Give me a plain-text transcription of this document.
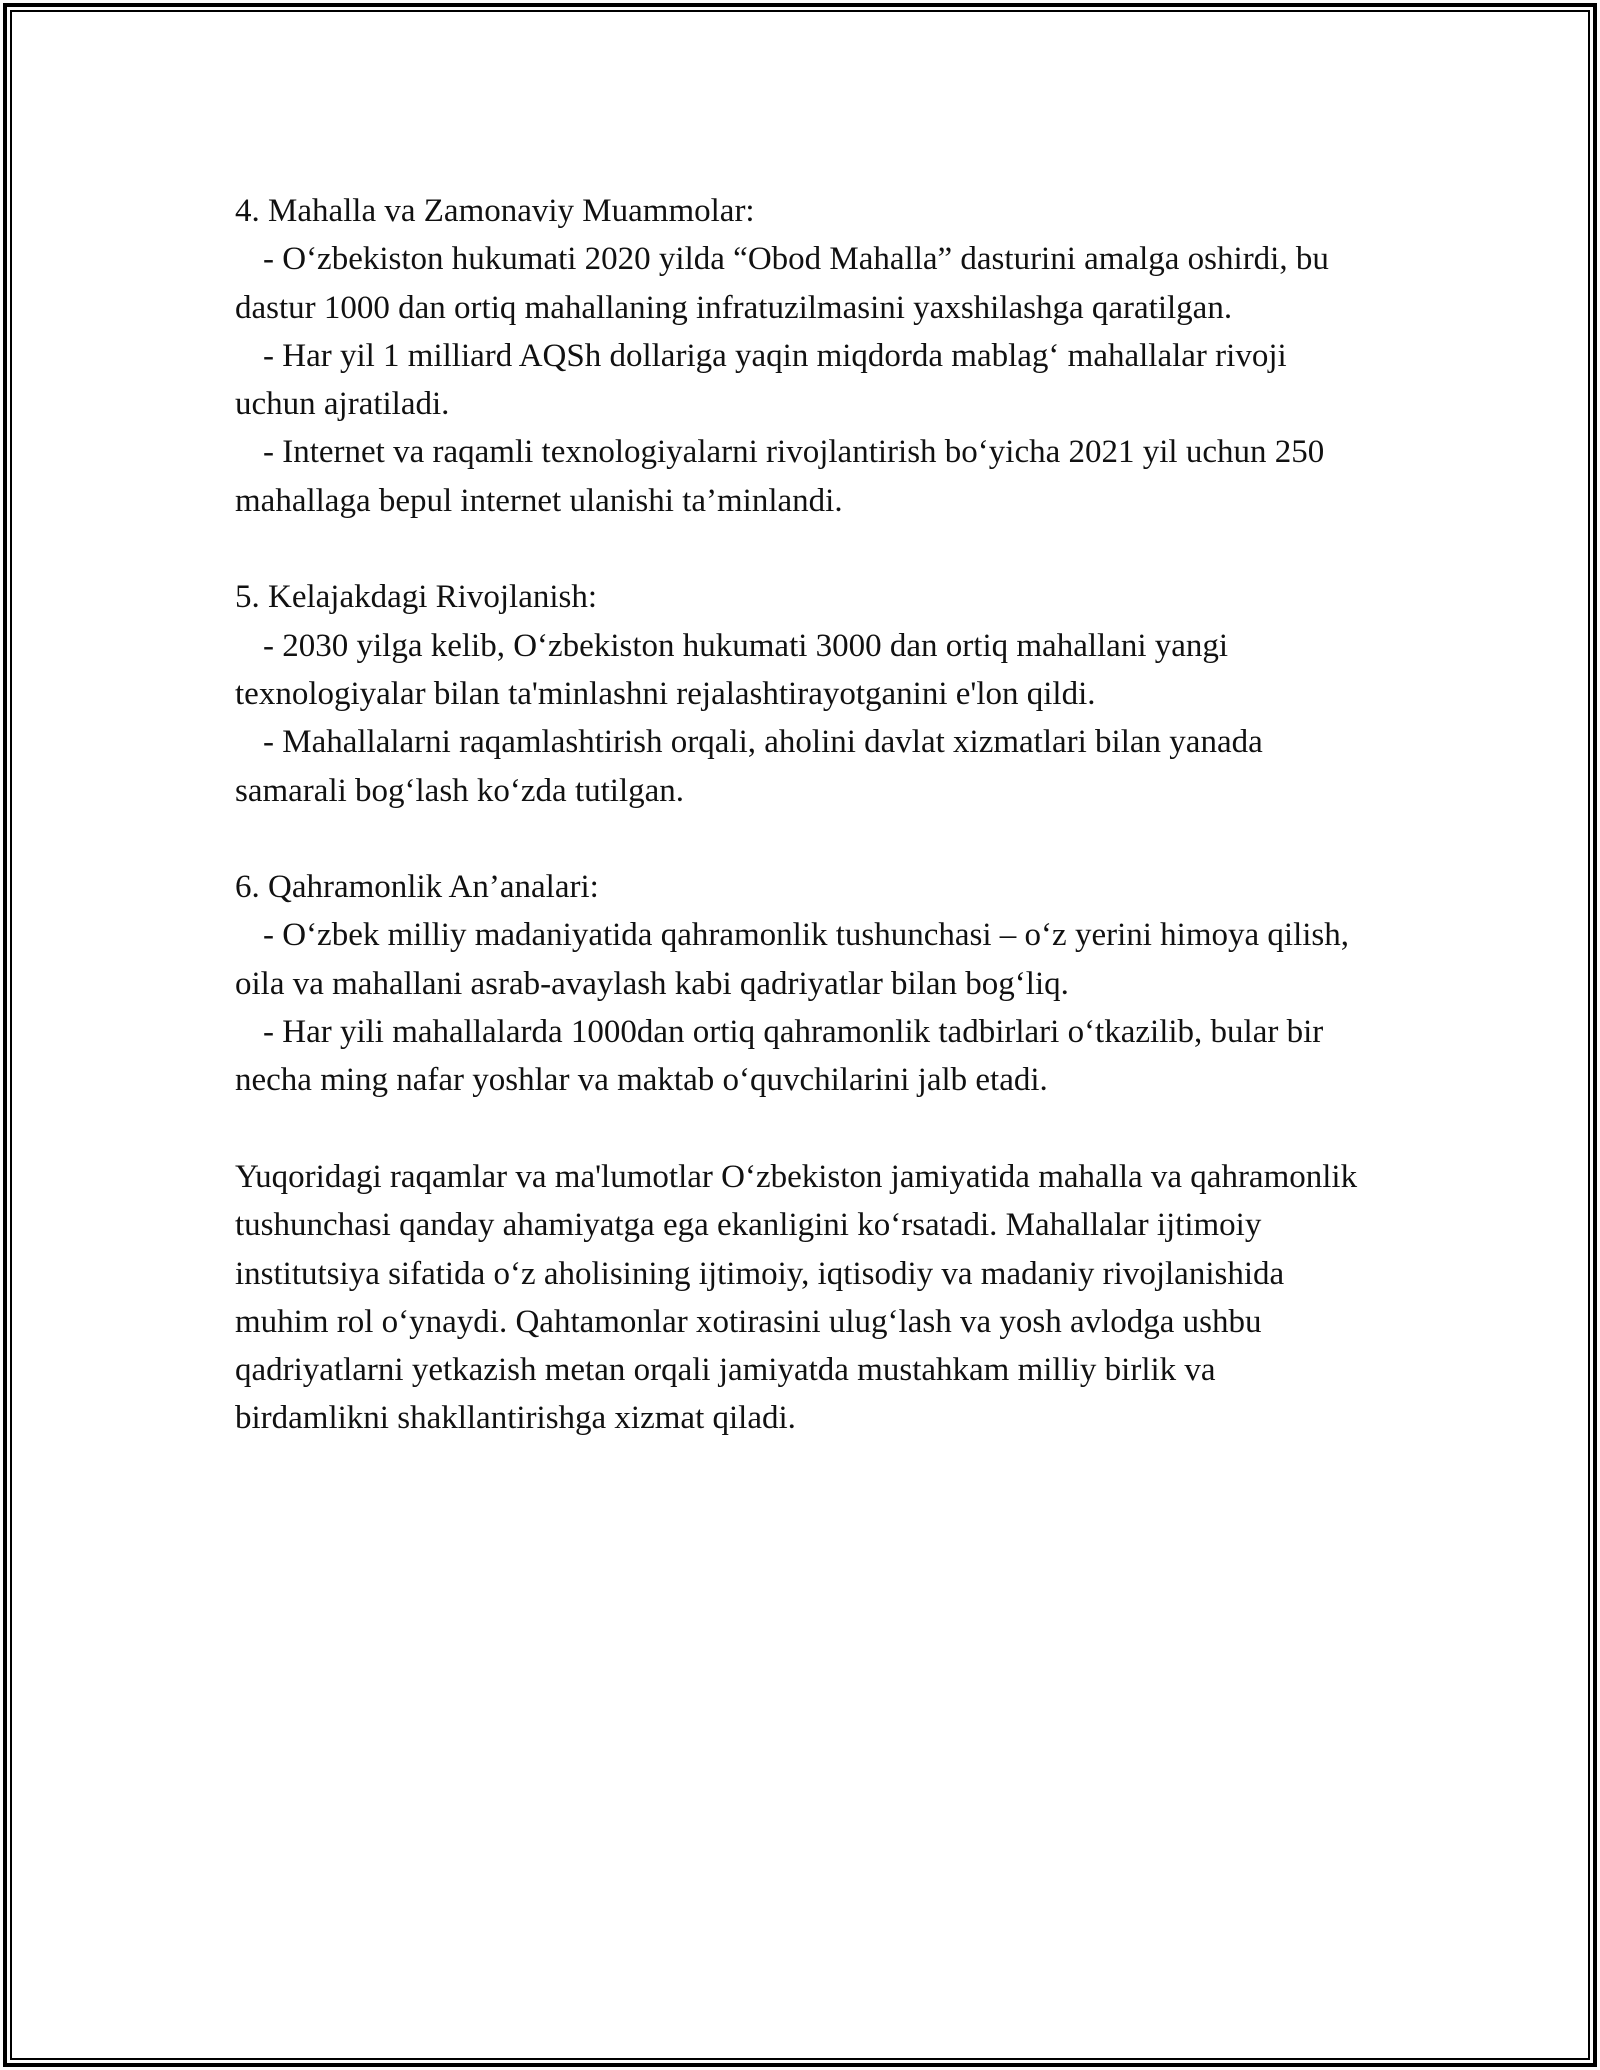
4. Mahalla va Zamonaviy Muammolar:

- O‘zbekiston hukumati 2020 yilda “Obod Mahalla” dasturini amalga oshirdi, bu dastur 1000 dan ortiq mahallaning infratuzilmasini yaxshilashga qaratilgan.

- Har yil 1 milliard AQSh dollariga yaqin miqdorda mablag‘ mahallalar rivoji uchun ajratiladi.

- Internet va raqamli texnologiyalarni rivojlantirish bo‘yicha 2021 yil uchun 250 mahallaga bepul internet ulanishi ta’minlandi.

5. Kelajakdagi Rivojlanish:

- 2030 yilga kelib, O‘zbekiston hukumati 3000 dan ortiq mahallani yangi texnologiyalar bilan ta'minlashni rejalashtirayotganini e'lon qildi.

- Mahallalarni raqamlashtirish orqali, aholini davlat xizmatlari bilan yanada samarali bog‘lash ko‘zda tutilgan.

6. Qahramonlik An’analari:

- O‘zbek milliy madaniyatida qahramonlik tushunchasi – o‘z yerini himoya qilish, oila va mahallani asrab-avaylash kabi qadriyatlar bilan bog‘liq.

- Har yili mahallalarda 1000dan ortiq qahramonlik tadbirlari o‘tkazilib, bular bir necha ming nafar yoshlar va maktab o‘quvchilarini jalb etadi.

Yuqoridagi raqamlar va ma'lumotlar O‘zbekiston jamiyatida mahalla va qahramonlik tushunchasi qanday ahamiyatga ega ekanligini ko‘rsatadi. Mahallalar ijtimoiy institutsiya sifatida o‘z aholisining ijtimoiy, iqtisodiy va madaniy rivojlanishida muhim rol o‘ynaydi. Qahtamonlar xotirasini ulug‘lash va yosh avlodga ushbu qadriyatlarni yetkazish metan orqali jamiyatda mustahkam milliy birlik va birdamlikni shakllantirishga xizmat qiladi.
